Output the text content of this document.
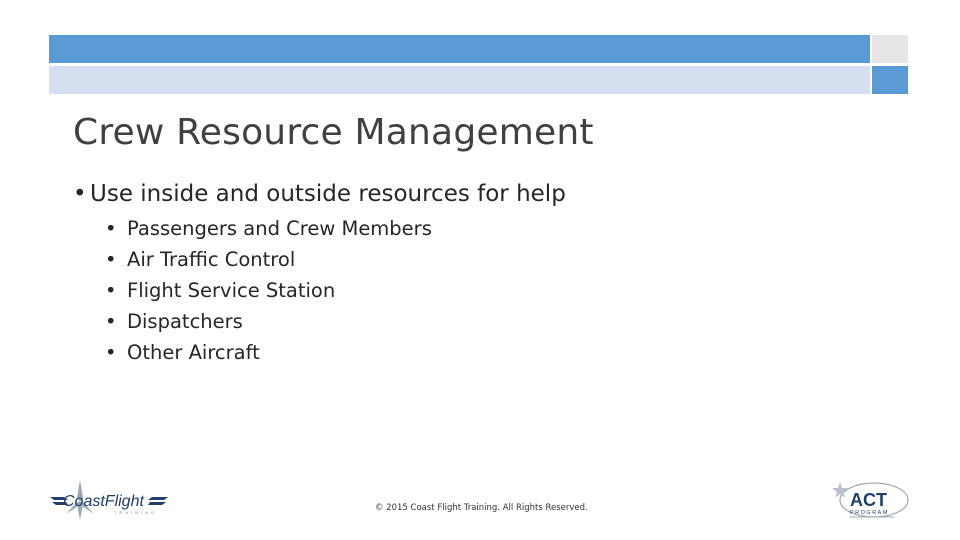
Crew Resource Management
• Use inside and outside resources for help
• Passengers and Crew Members
• Air Traffic Control
• Flight Service Station
• Dispatchers
• Other Aircraft
CoastFlight
TRAINING	© 2015 Coast Flight Training. All Rights Reserved.	ACT
PROGRAM
